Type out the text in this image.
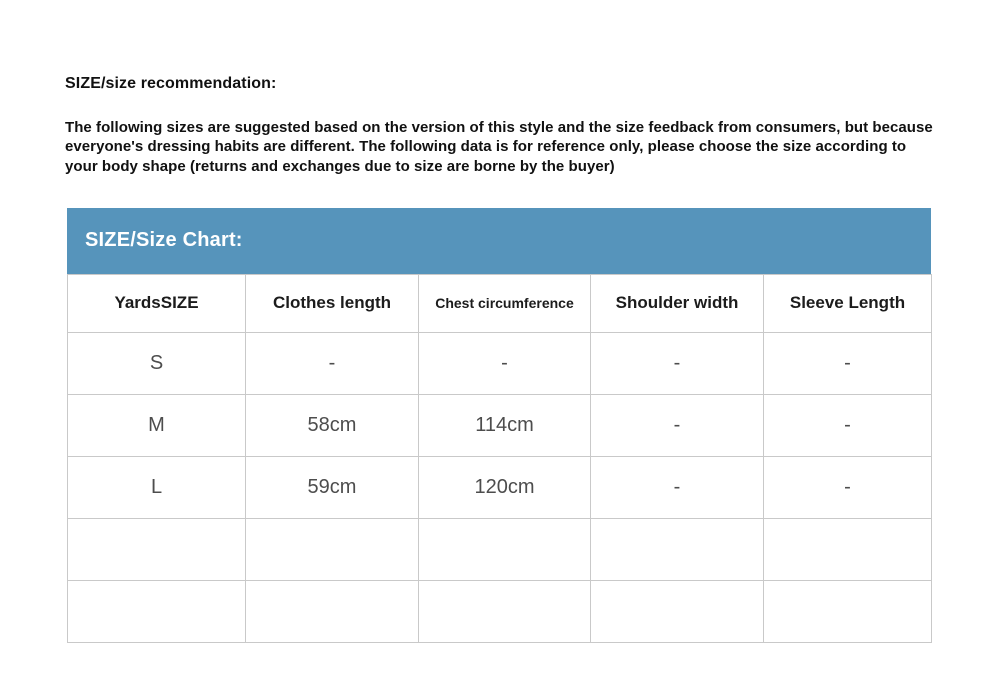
SIZE/size recommendation:

The following sizes are suggested based on the version of this style and the size feedback from consumers, but because everyone's dressing habits are different. The following data is for reference only, please choose the size according to your body shape (returns and exchanges due to size are borne by the buyer)

SIZE/Size Chart:
YardsSIZE	Clothes length	Chest circumference	Shoulder width	Sleeve Length
S	-	-	-	-
M	58cm	114cm	-	-
L	59cm	120cm	-	-
